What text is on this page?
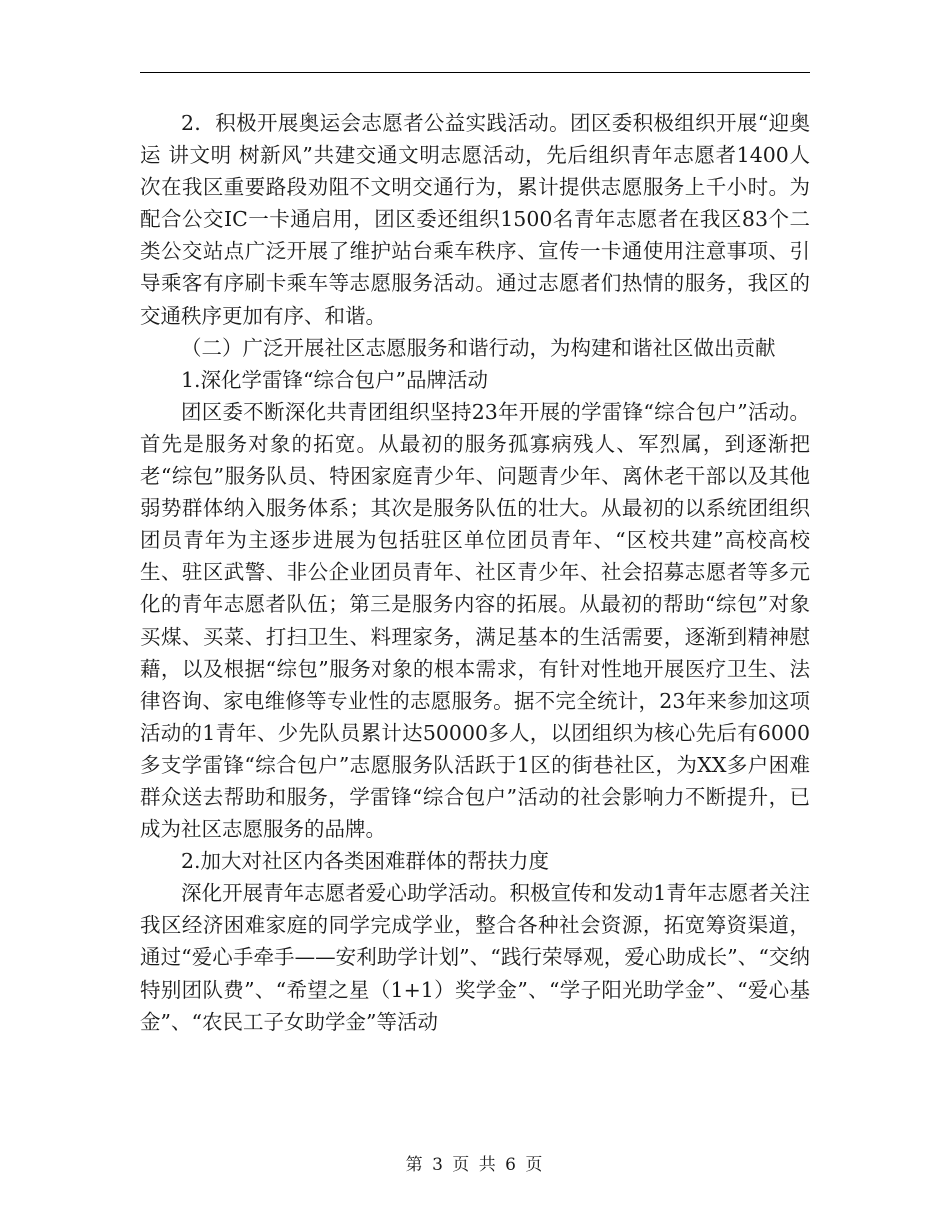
2．积极开展奥运会志愿者公益实践活动。团区委积极组织开展“迎奥运 讲文明 树新风”共建交通文明志愿活动，先后组织青年志愿者1400人次在我区重要路段劝阻不文明交通行为，累计提供志愿服务上千小时。为配合公交IC一卡通启用，团区委还组织1500名青年志愿者在我区83个二类公交站点广泛开展了维护站台乘车秩序、宣传一卡通使用注意事项、引导乘客有序刷卡乘车等志愿服务活动。通过志愿者们热情的服务，我区的交通秩序更加有序、和谐。

（二）广泛开展社区志愿服务和谐行动，为构建和谐社区做出贡献

1.深化学雷锋“综合包户”品牌活动

团区委不断深化共青团组织坚持23年开展的学雷锋“综合包户”活动。首先是服务对象的拓宽。从最初的服务孤寡病残人、军烈属，到逐渐把老“综包”服务队员、特困家庭青少年、问题青少年、离休老干部以及其他弱势群体纳入服务体系；其次是服务队伍的壮大。从最初的以系统团组织团员青年为主逐步进展为包括驻区单位团员青年、“区校共建”高校高校生、驻区武警、非公企业团员青年、社区青少年、社会招募志愿者等多元化的青年志愿者队伍；第三是服务内容的拓展。从最初的帮助“综包”对象买煤、买菜、打扫卫生、料理家务，满足基本的生活需要，逐渐到精神慰藉，以及根据“综包”服务对象的根本需求，有针对性地开展医疗卫生、法律咨询、家电维修等专业性的志愿服务。据不完全统计，23年来参加这项活动的1青年、少先队员累计达50000多人，以团组织为核心先后有6000多支学雷锋“综合包户”志愿服务队活跃于1区的街巷社区，为XX多户困难群众送去帮助和服务，学雷锋“综合包户”活动的社会影响力不断提升，已成为社区志愿服务的品牌。

2.加大对社区内各类困难群体的帮扶力度

深化开展青年志愿者爱心助学活动。积极宣传和发动1青年志愿者关注我区经济困难家庭的同学完成学业，整合各种社会资源，拓宽筹资渠道，通过“爱心手牵手——安利助学计划”、“践行荣辱观，爱心助成长”、“交纳特别团队费”、“希望之星（1+1）奖学金”、“学子阳光助学金”、“爱心基金”、“农民工子女助学金”等活动

第 3 页 共 6 页
